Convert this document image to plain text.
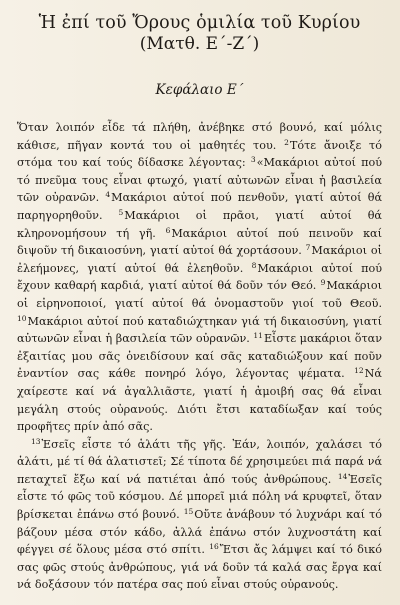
Ἡ ἐπί τοῦ Ὄρους ὁμιλία τοῦ Κυρίου
(Ματθ. Ε΄-Ζ΄)
Κεφάλαιο Ε΄

Ὅταν λοιπόν εἶδε τά πλήθη, ἀνέβηκε στό βουνό, καί μόλις κάθισε, πῆγαν κοντά του οἱ μαθητές του. $^2$Τότε ἄνοιξε τό στόμα του καί τούς δίδασκε λέγοντας: $^3$«Μακάριοι αὐτοί πού τό πνεῦμα τους εἶναι φτωχό, γιατί αὐτωνῶν εἶναι ἡ βασιλεία τῶν οὐρανῶν. $^4$Μακάριοι αὐτοί πού πενθοῦν, γιατί αὐτοί θά παρηγορηθοῦν. $^5$Μακάριοι οἱ πρᾶοι, γιατί αὐτοί θά κληρονομήσουν τή γῆ. $^6$Μακάριοι αὐτοί πού πεινοῦν καί διψοῦν τή δικαιοσύνη, γιατί αὐτοί θά χορτάσουν. $^7$Μακάριοι οἱ ἐλεήμονες, γιατί αὐτοί θά ἐλεηθοῦν. $^8$Μακάριοι αὐτοί πού ἔχουν καθαρή καρδιά, γιατί αὐτοί θά δοῦν τόν Θεό. $^9$Μακάριοι οἱ εἰρηνοποιοί, γιατί αὐτοί θά ὀνομαστοῦν γιοί τοῦ Θεοῦ. $^{10}$Μακάριοι αὐτοί πού καταδιώχτηκαν γιά τή δικαιοσύνη, γιατί αὐτωνῶν εἶναι ἡ βασιλεία τῶν οὐρανῶν. $^{11}$Εἶστε μακάριοι ὅταν ἐξαιτίας μου σᾶς ὀνειδίσουν καί σᾶς καταδιώξουν καί ποῦν ἐναντίον σας κάθε πονηρό λόγο, λέγοντας ψέματα. $^{12}$Νά χαίρεστε καί νά ἀγαλλιᾶστε, γιατί ἡ ἀμοιβή σας θά εἶναι μεγάλη στούς οὐρανούς. Διότι ἔτσι καταδίωξαν καί τούς προφῆτες πρίν ἀπό σᾶς.

$^{13}$Ἐσεῖς εἶστε τό ἁλάτι τῆς γῆς. Ἐάν, λοιπόν, χαλάσει τό ἁλάτι, μέ τί θά ἁλατιστεῖ; Σέ τίποτα δέ χρησιμεύει πιά παρά νά πεταχτεῖ ἔξω καί νά πατιέται ἀπό τούς ἀνθρώπους. $^{14}$Ἐσεῖς εἶστε τό φῶς τοῦ κόσμου. Δέ μπορεῖ μιά πόλη νά κρυφτεῖ, ὅταν βρίσκεται ἐπάνω στό βουνό. $^{15}$Οὔτε ἀνάβουν τό λυχνάρι καί τό βάζουν μέσα στόν κάδο, ἀλλά ἐπάνω στόν λυχνοστάτη καί φέγγει σέ ὅλους μέσα στό σπίτι. $^{16}$Ἔτσι ἄς λάμψει καί τό δικό σας φῶς στούς ἀνθρώπους, γιά νά δοῦν τά καλά σας ἔργα καί νά δοξάσουν τόν πατέρα σας πού εἶναι στούς οὐρανούς.
